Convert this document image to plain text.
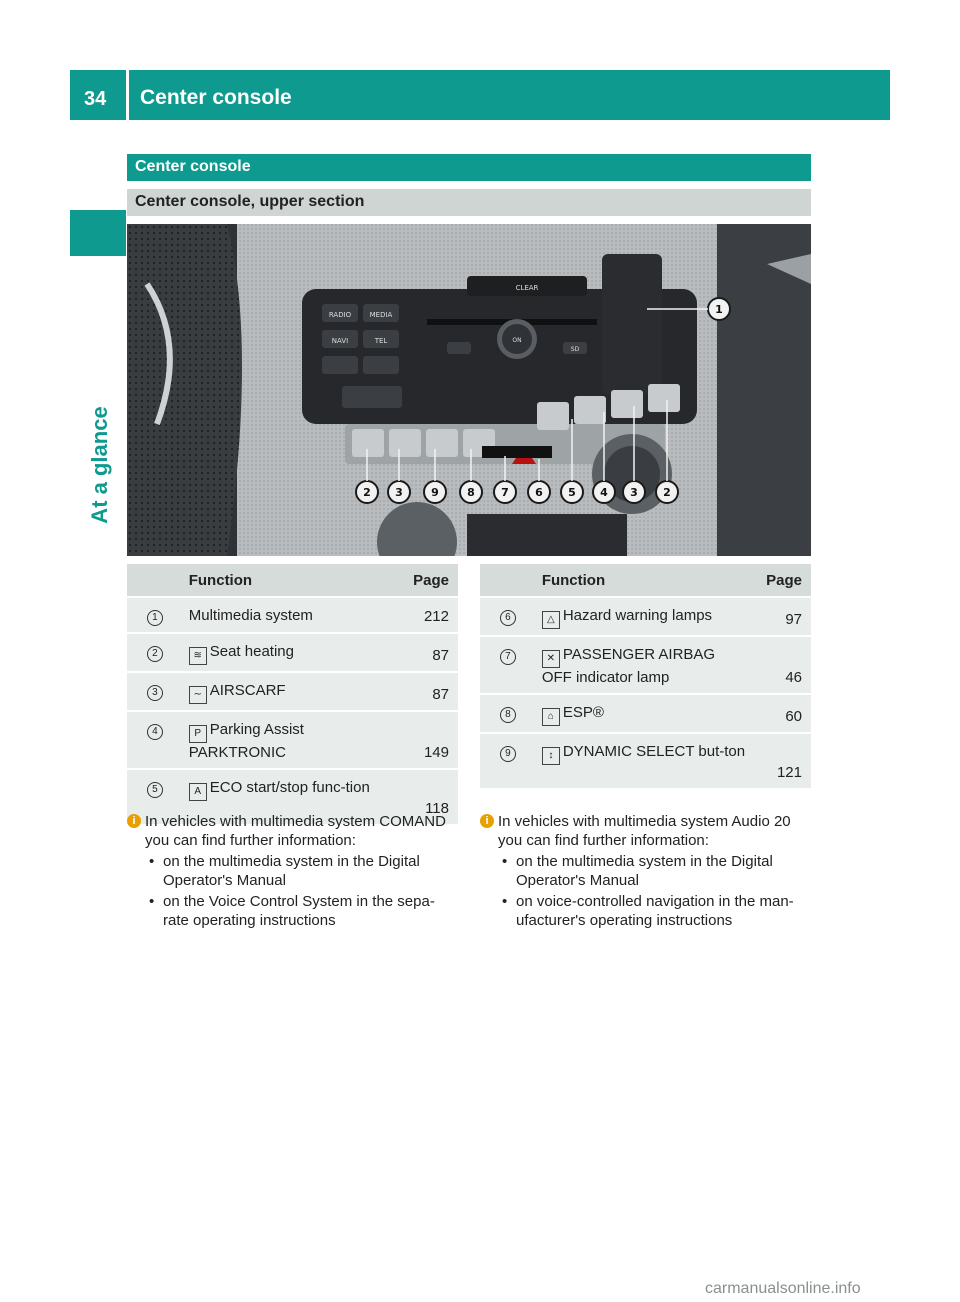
34 Center console
At a glance
Center console
Center console, upper section
RADIO	MEDIA
NAVI	TEL
CLEAR
ON
SD
1
2 3	9	8 7 6 5 4 3 2
	Function	Page
1	Multimedia system	212
2	≋ Seat heating	87
3	∼ AIRSCARF	87
4	P Parking Assist PARKTRONIC	149
5	A ECO start/stop func-tion	118
	Function	Page
6	△ Hazard warning lamps	97
7	✕ PASSENGER AIRBAG OFF indicator lamp	46
8	⌂ ESP®	60
9	↕ DYNAMIC SELECT but-ton	121
i In vehicles with multimedia system COMAND you can find further information:

• on the multimedia system in the Digital Operator's Manual
• on the Voice Control System in the sepa-rate operating instructions
i In vehicles with multimedia system Audio 20 you can find further information:

• on the multimedia system in the Digital Operator's Manual
• on voice-controlled navigation in the man-ufacturer's operating instructions
carmanualsonline.info
